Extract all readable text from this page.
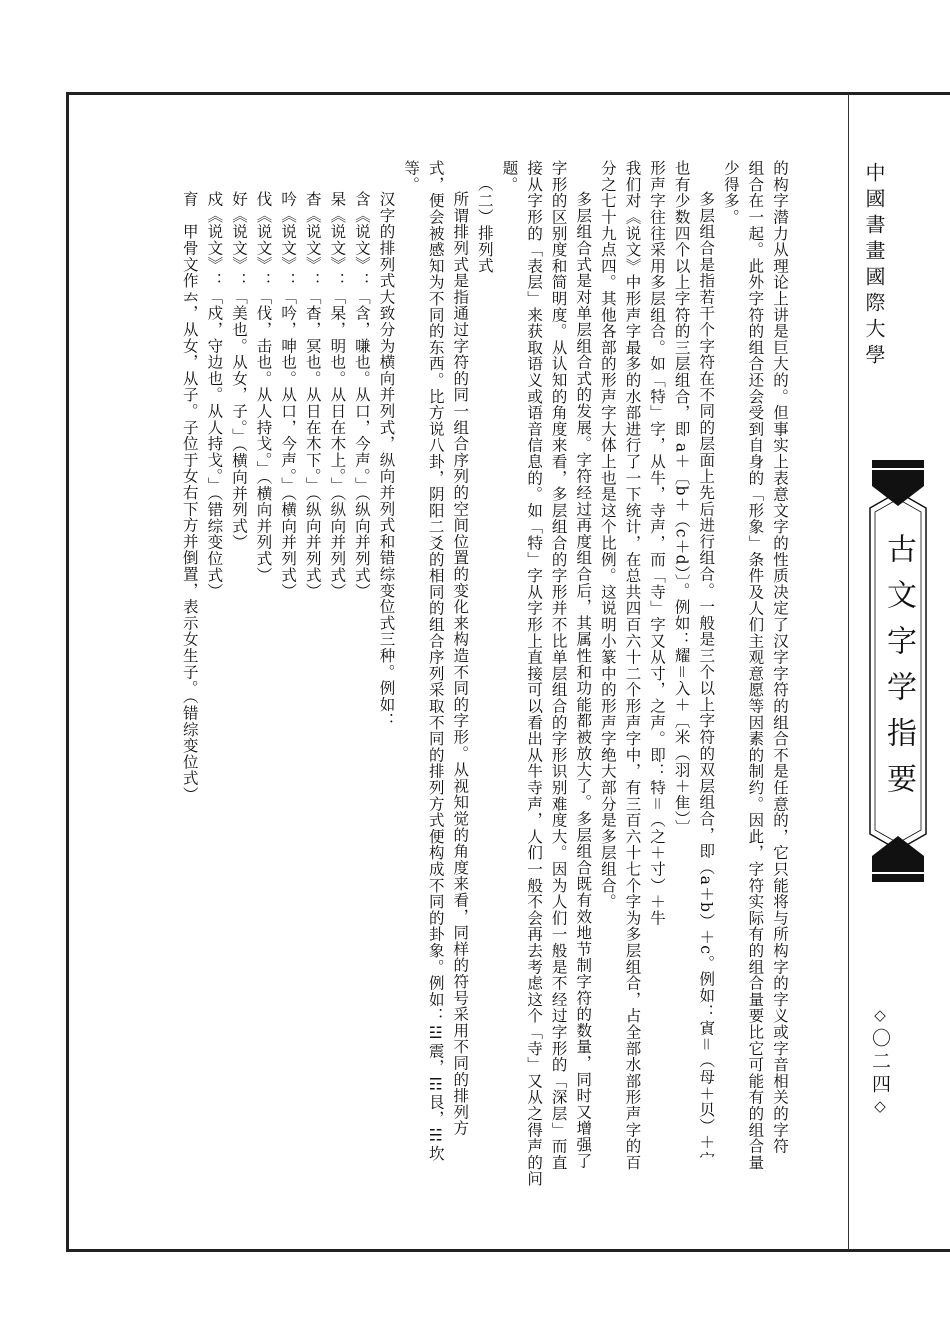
中國書畫國際大學
古文字学指要
◇〇二四◇
的构字潜力从理论上讲是巨大的。但事实上表意文字的性质决定了汉字字符的组合不是任意的，它只能将与所构字的字义或字音相关的字符
组合在一起。此外字符的组合还会受到自身的「形象」条件及人们主观意愿等因素的制约。因此，字符实际有的组合量要比它可能有的组合量
少得多。
多层组合是指若干个字符在不同的层面上先后进行组合。一般是三个以上字符的双层组合，即（a＋b）＋c。例如：寊＝（母＋贝）＋宀
也有少数四个以上字符的三层组合，即 a＋〔b＋（c＋d）〕。例如：耀＝入＋〔米（羽＋隹）〕
形声字往往采用多层组合。如「特」字，从牛，寺声，而「寺」字又从寸，之声。即：特＝（之＋寸）＋牛
我们对《说文》中形声字最多的水部进行了一下统计，在总共四百六十二个形声字中，有三百六十七个字为多层组合，占全部水部形声字的百
分之七十九点四。其他各部的形声字大体上也是这个比例。这说明小篆中的形声字绝大部分是多层组合。
多层组合式是对单层组合式的发展。字符经过再度组合后，其属性和功能都被放大了。多层组合既有效地节制字符的数量，同时又增强了
字形的区别度和简明度。从认知的角度来看，多层组合的字形并不比单层组合的字形识别难度大。因为人们一般是不经过字形的「深层」而直
接从字形的「表层」来获取语义或语音信息的。如「特」字从字形上直接可以看出从牛寺声，人们一般不会再去考虑这个「寺」又从之得声的问
题。
（二）排列式
所谓排列式是指通过字符的同一组合序列的空间位置的变化来构造不同的字形。从视知觉的角度来看，同样的符号采用不同的排列方
式，便会被感知为不同的东西。比方说八卦，阴阳二爻的相同的组合序列采取不同的排列方式便构成不同的卦象。例如：☳震，☶艮，☵坎
等。
汉字的排列式大致分为横向并列式，纵向并列式和错综变位式三种。例如：
含《说文》：「含，嗛也。从口，今声。」（纵向并列式）
杲《说文》：「杲，明也。从日在木上。」（纵向并列式）
杳《说文》：「杳，冥也。从日在木下。」（纵向并列式）
吟《说文》：「吟，呻也。从口，今声。」（横向并列式）
伐《说文》：「伐，击也。从人持戈。」（横向并列式）
好《说文》：「美也。从女，子。」（横向并列式）
戍《说文》：「戍，守边也。从人持戈。」（错综变位式）
育　甲骨文作𠫓，从女，从子。子位于女右下方并倒置，表示女生子。（错综变位式）
